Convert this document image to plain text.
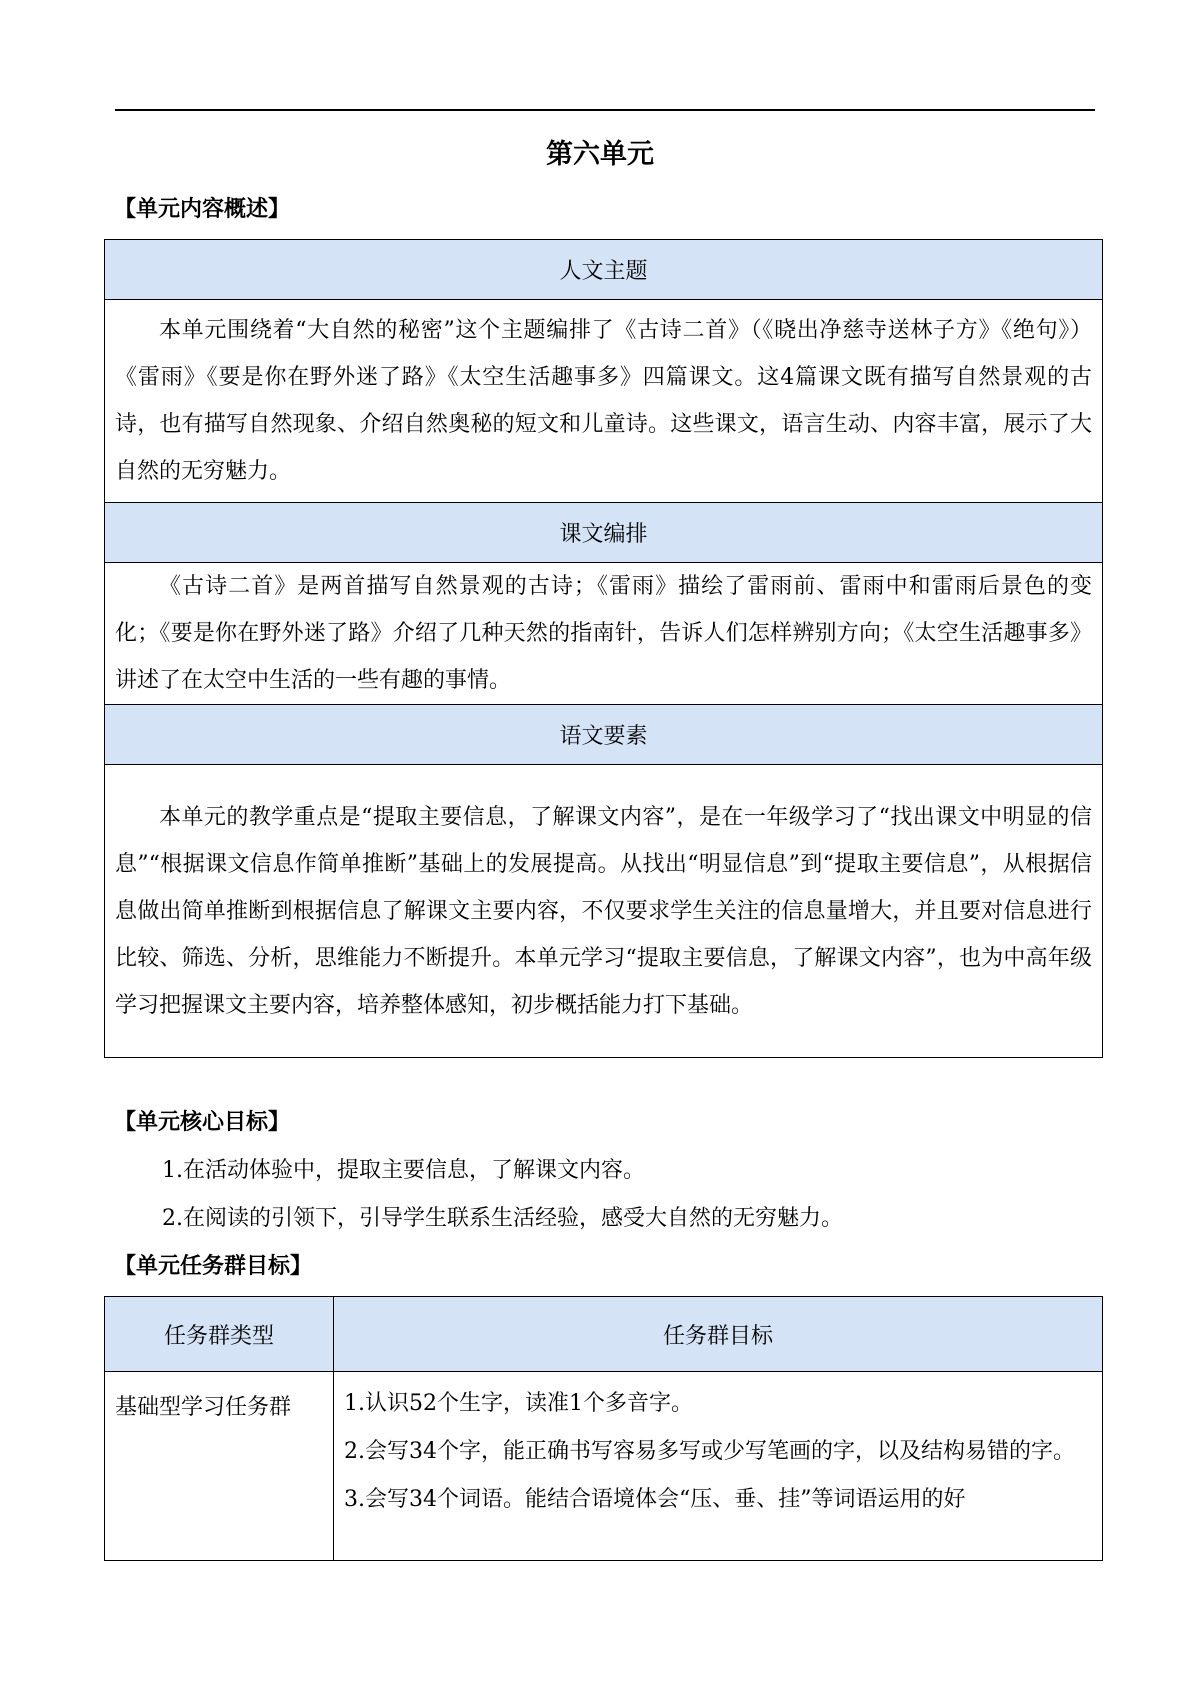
第六单元
【单元内容概述】
人文主题

本单元围绕着“大自然的秘密”这个主题编排了《古诗二首》（《晓出净慈寺送林子方》《绝句》）《雷雨》《要是你在野外迷了路》《太空生活趣事多》四篇课文。这4篇课文既有描写自然景观的古诗，也有描写自然现象、介绍自然奥秘的短文和儿童诗。这些课文，语言生动、内容丰富，展示了大自然的无穷魅力。

课文编排

《古诗二首》是两首描写自然景观的古诗；《雷雨》描绘了雷雨前、雷雨中和雷雨后景色的变化；《要是你在野外迷了路》介绍了几种天然的指南针，告诉人们怎样辨别方向；《太空生活趣事多》讲述了在太空中生活的一些有趣的事情。

语文要素

本单元的教学重点是“提取主要信息，了解课文内容”，是在一年级学习了“找出课文中明显的信息”“根据课文信息作简单推断”基础上的发展提高。从找出“明显信息”到“提取主要信息”，从根据信息做出简单推断到根据信息了解课文主要内容，不仅要求学生关注的信息量增大，并且要对信息进行比较、筛选、分析，思维能力不断提升。本单元学习“提取主要信息，了解课文内容”，也为中高年级学习把握课文主要内容，培养整体感知，初步概括能力打下基础。

【单元核心目标】
1.在活动体验中，提取主要信息，了解课文内容。
2.在阅读的引领下，引导学生联系生活经验，感受大自然的无穷魅力。
【单元任务群目标】
任务群类型	任务群目标
基础型学习任务群	1.认识52个生字，读准1个多音字。
2.会写34个字，能正确书写容易多写或少写笔画的字，以及结构易错的字。
3.会写34个词语。能结合语境体会“压、垂、挂”等词语运用的好
